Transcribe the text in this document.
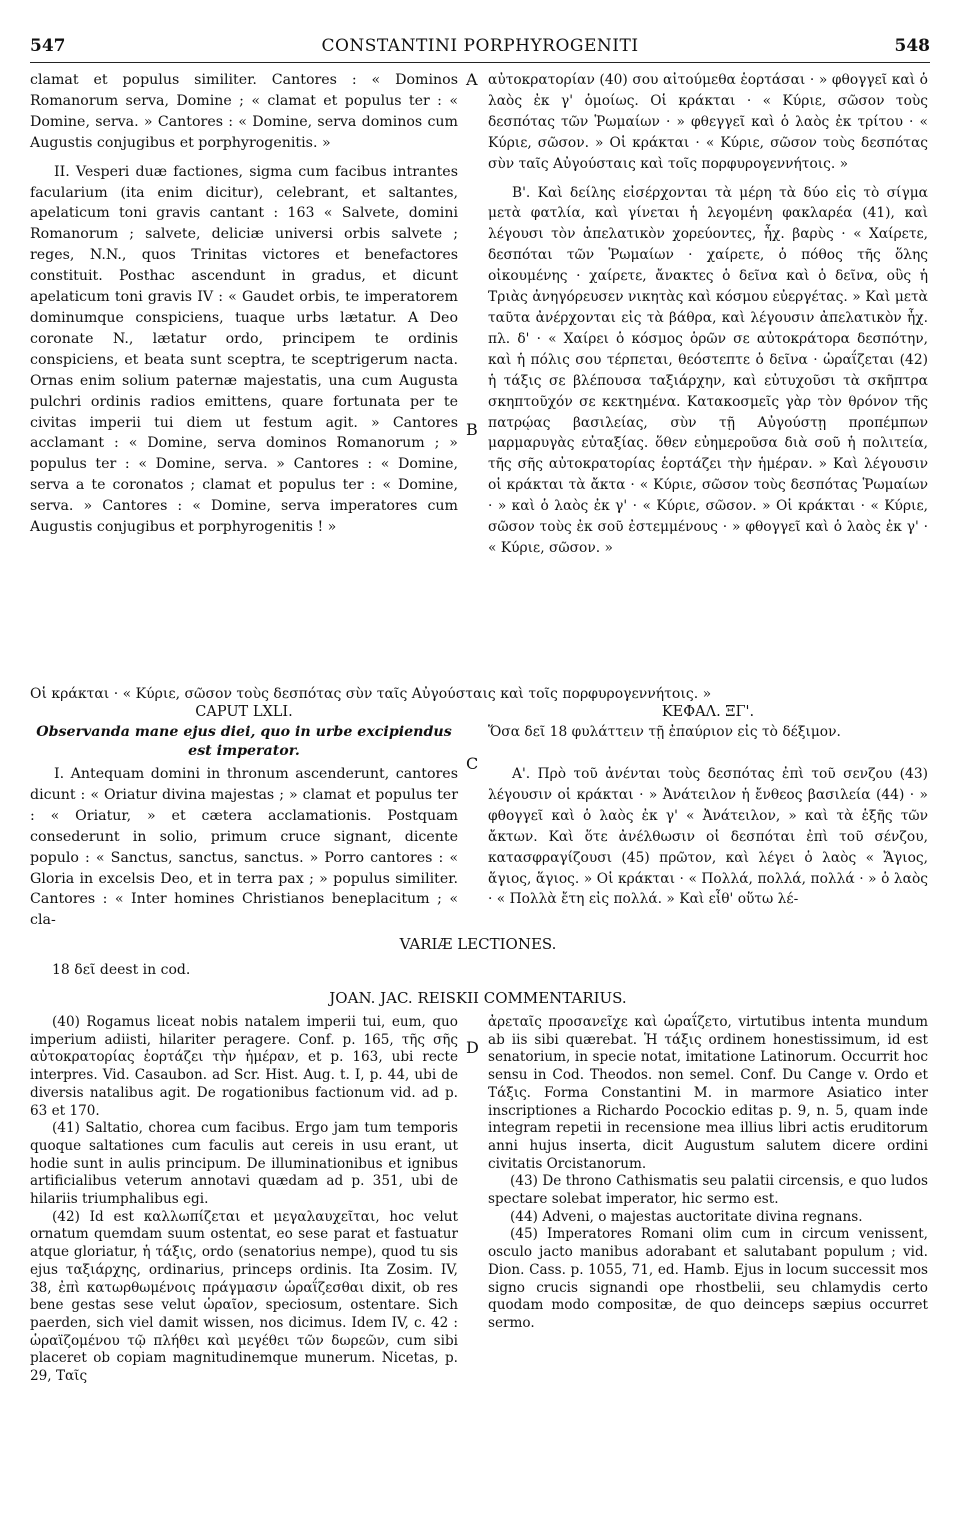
547	CONSTANTINI PORPHYROGENITI	548

clamat et populus similiter. Cantores : « Dominos Romanorum serva, Domine ; « clamat et populus ter : « Domine, serva. » Cantores : « Domine, serva dominos cum Augustis conjugibus et porphyrogenitis. »

II. Vesperi duæ factiones, sigma cum facibus intrantes facularium (ita enim dicitur), celebrant, et saltantes, apelaticum toni gravis cantant : 163 « Salvete, domini Romanorum ; salvete, deliciæ universi orbis salvete ; reges, N.N., quos Trinitas victores et benefactores constituit. Posthac ascendunt in gradus, et dicunt apelaticum toni gravis IV : « Gaudet orbis, te imperatorem dominumque conspiciens, tuaque urbs lætatur. A Deo coronate N., lætatur ordo, principem te ordinis conspiciens, et beata sunt sceptra, te sceptrigerum nacta. Ornas enim solium paternæ majestatis, una cum Augusta pulchri ordinis radios emittens, quare fortunata per te civitas imperii tui diem ut festum agit. » Cantores acclamant : « Domine, serva dominos Romanorum ; » populus ter : « Domine, serva. » Cantores : « Domine, serva a te coronatos ; clamat et populus ter : « Domine, serva. » Cantores : « Domine, serva imperatores cum Augustis conjugibus et porphyrogenitis ! »

αὐτοκρατορίαν (40) σου αἰτούμεθα ἑορτάσαι · » φθογγεῖ καὶ ὁ λαὸς ἐκ γ' ὁμοίως. Οἱ κράκται · « Κύριε, σῶσον τοὺς δεσπότας τῶν Ῥωμαίων · » φθεγγεῖ καὶ ὁ λαὸς ἐκ τρίτου · « Κύριε, σῶσον. » Οἱ κράκται · « Κύριε, σῶσον τοὺς δεσπότας σὺν ταῖς Αὐγούσταις καὶ τοῖς πορφυρογεννήτοις. »

Β'. Καὶ δείλης εἰσέρχονται τὰ μέρη τὰ δύο εἰς τὸ σίγμα μετὰ φατλία, καὶ γίνεται ἡ λεγομένη φακλαρέα (41), καὶ λέγουσι τὸν ἀπελατικὸν χορεύοντες, ἦχ. βαρὺς · « Χαίρετε, δεσπόται τῶν Ῥωμαίων · χαίρετε, ὁ πόθος τῆς ὅλης οἰκουμένης · χαίρετε, ἄνακτες ὁ δεῖνα καὶ ὁ δεῖνα, οὓς ἡ Τριὰς ἀνηγόρευσεν νικητὰς καὶ κόσμου εὐεργέτας. » Καὶ μετὰ ταῦτα ἀνέρχονται εἰς τὰ βάθρα, καὶ λέγουσιν ἀπελατικὸν ἦχ. πλ. δ' · « Χαίρει ὁ κόσμος ὁρῶν σε αὐτοκράτορα δεσπότην, καὶ ἡ πόλις σου τέρπεται, θεόστεπτε ὁ δεῖνα · ὡραΐζεται (42) ἡ τάξις σε βλέπουσα ταξιάρχην, καὶ εὐτυχοῦσι τὰ σκῆπτρα σκηπτοῦχόν σε κεκτημένα. Κατακοσμεῖς γὰρ τὸν θρόνον τῆς πατρῴας βασιλείας, σὺν τῇ Αὐγούστῃ προπέμπων μαρμαρυγὰς εὐταξίας. ὅθεν εὐημεροῦσα διὰ σοῦ ἡ πολιτεία, τῆς σῆς αὐτοκρατορίας ἑορτάζει τὴν ἡμέραν. » Καὶ λέγουσιν οἱ κράκται τὰ ἄκτα · « Κύριε, σῶσον τοὺς δεσπότας Ῥωμαίων · » καὶ ὁ λαὸς ἐκ γ' · « Κύριε, σῶσον. » Οἱ κράκται · « Κύριε, σῶσον τοὺς ἐκ σοῦ ἐστεμμένους · » φθογγεῖ καὶ ὁ λαὸς ἐκ γ' · « Κύριε, σῶσον. »

A
B
C
D
Οἱ κράκται · « Κύριε, σῶσον τοὺς δεσπότας σὺν ταῖς Αὐγούσταις καὶ τοῖς πορφυρογεννήτοις. »
CAPUT LXLI.	ΚΕΦΑΛ. ΞΓ'.
Observanda mane ejus diei, quo in urbe excipiendus est imperator.
Ὅσα δεῖ 18 φυλάττειν τῇ ἐπαύριον εἰς τὸ δέξιμον.

I. Antequam domini in thronum ascenderunt, cantores dicunt : « Oriatur divina majestas ; » clamat et populus ter : « Oriatur, » et cætera acclamationis. Postquam consederunt in solio, primum cruce signant, dicente populo : « Sanctus, sanctus, sanctus. » Porro cantores : « Gloria in excelsis Deo, et in terra pax ; » populus similiter. Cantores : « Inter homines Christianos beneplacitum ; « cla-

Α'. Πρὸ τοῦ ἀνένται τοὺς δεσπότας ἐπὶ τοῦ σενζου (43) λέγουσιν οἱ κράκται · » Ἀνάτειλον ἡ ἔνθεος βασιλεία (44) · » φθογγεῖ καὶ ὁ λαὸς ἐκ γ' « Ἀνάτειλον, » καὶ τὰ ἑξῆς τῶν ἄκτων. Καὶ ὅτε ἀνέλθωσιν οἱ δεσπόται ἐπὶ τοῦ σένζου, κατασφραγίζουσι (45) πρῶτον, καὶ λέγει ὁ λαὸς « Ἅγιος, ἅγιος, ἅγιος. » Οἱ κράκται · « Πολλά, πολλά, πολλά · » ὁ λαὸς · « Πολλὰ ἔτη εἰς πολλά. » Καὶ εἶθ' οὕτω λέ-

VARIÆ LECTIONES.
18 δεῖ deest in cod.
JOAN. JAC. REISKII COMMENTARIUS.

(40) Rogamus liceat nobis natalem imperii tui, eum, quo imperium adiisti, hilariter peragere. Conf. p. 165, τῆς σῆς αὐτοκρατορίας ἑορτάζει τὴν ἡμέραν, et p. 163, ubi recte interpres. Vid. Casaubon. ad Scr. Hist. Aug. t. I, p. 44, ubi de diversis natalibus agit. De rogationibus factionum vid. ad p. 63 et 170.

(41) Saltatio, chorea cum facibus. Ergo jam tum temporis quoque saltationes cum faculis aut cereis in usu erant, ut hodie sunt in aulis principum. De illuminationibus et ignibus artificialibus veterum annotavi quædam ad p. 351, ubi de hilariis triumphalibus egi.

(42) Id est καλλωπίζεται et μεγαλαυχεῖται, hoc velut ornatum quemdam suum ostentat, eo sese parat et fastuatur atque gloriatur, ἡ τάξις, ordo (senatorius nempe), quod tu sis ejus ταξιάρχης, ordinarius, princeps ordinis. Ita Zosim. IV, 38, ἐπὶ κατωρθωμένοις πράγμασιν ὡραΐζεσθαι dixit, ob res bene gestas sese velut ὡραῖον, speciosum, ostentare. Sich paerden, sich viel damit wissen, nos dicimus. Idem IV, c. 42 : ὡραϊζομένου τῷ πλήθει καὶ μεγέθει τῶν δωρεῶν, cum sibi placeret ob copiam magnitudinemque munerum. Nicetas, p. 29, Ταῖς

ἀρεταῖς προσανεῖχε καὶ ὡραΐζετο, virtutibus intenta mundum ab iis sibi quærebat. Ἡ τάξις ordinem honestissimum, id est senatorium, in specie notat, imitatione Latinorum. Occurrit hoc sensu in Cod. Theodos. non semel. Conf. Du Cange v. Ordo et Τάξις. Forma Constantini M. in marmore Asiatico inter inscriptiones a Richardo Pocockio editas p. 9, n. 5, quam inde integram repetii in recensione mea illius libri actis eruditorum anni hujus inserta, dicit Augustum salutem dicere ordini civitatis Orcistanorum.

(43) De throno Cathismatis seu palatii circensis, e quo ludos spectare solebat imperator, hic sermo est.

(44) Adveni, o majestas auctoritate divina regnans.

(45) Imperatores Romani olim cum in circum venissent, osculo jacto manibus adorabant et salutabant populum ; vid. Dion. Cass. p. 1055, 71, ed. Hamb. Ejus in locum successit mos signo crucis signandi ope rhostbelii, seu chlamydis certo quodam modo compositæ, de quo deinceps sæpius occurret sermo.
